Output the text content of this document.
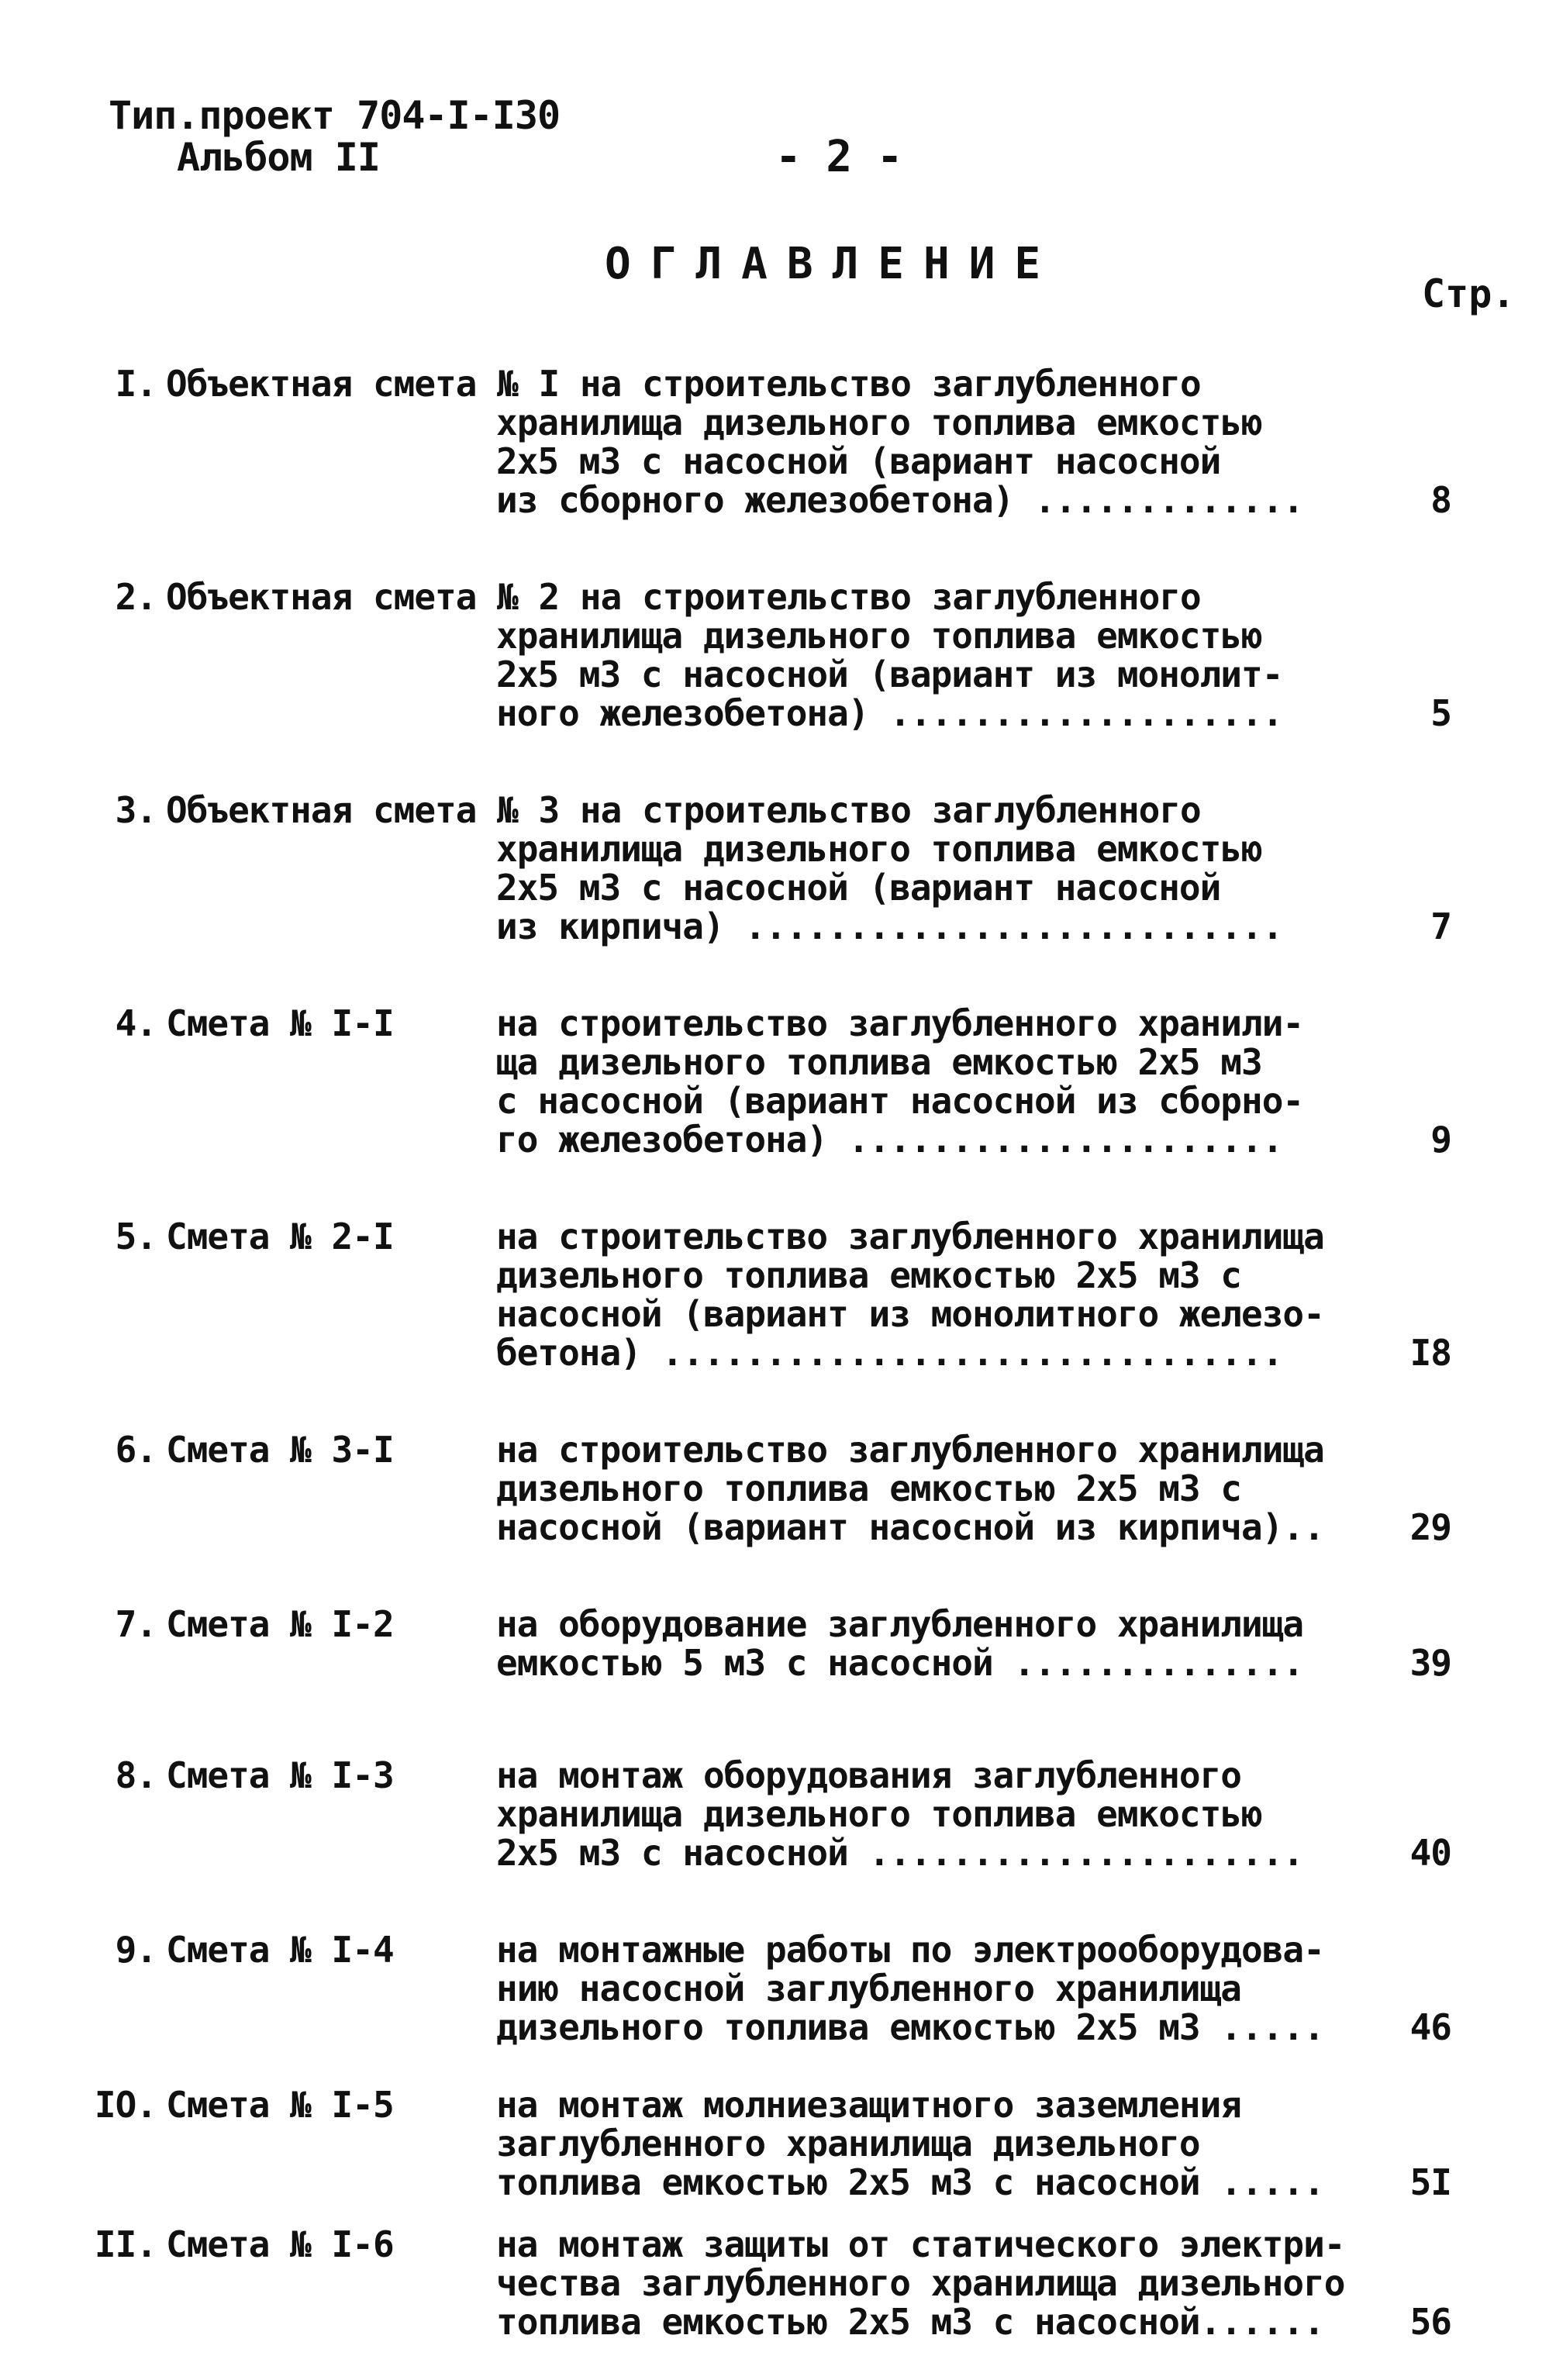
Тип.проект 704-I-I30
Альбом II	- 2 -
ОГЛАВЛЕНИЕ
Стр.
I. Объектная смета № I на строительство заглубленного
хранилища дизельного топлива емкостью
2x5 м3 с насосной (вариант насосной
из сборного железобетона) .............	8
2. Объектная смета № 2 на строительство заглубленного
хранилища дизельного топлива емкостью
2x5 м3 с насосной (вариант из монолит-
ного железобетона) ...................	5
3. Объектная смета № 3 на строительство заглубленного
хранилища дизельного топлива емкостью
2x5 м3 с насосной (вариант насосной
из кирпича) ..........................	7
4. Смета № I-I	на строительство заглубленного хранили-
ща дизельного топлива емкостью 2x5 м3
с насосной (вариант насосной из сборно-
го железобетона) .....................	9
5. Смета № 2-I	на строительство заглубленного хранилища
дизельного топлива емкостью 2x5 м3 с
насосной (вариант из монолитного железо-
бетона) ..............................	I8
6. Смета № 3-I	на строительство заглубленного хранилища
дизельного топлива емкостью 2x5 м3 с
насосной (вариант насосной из кирпича)..	29
7. Смета № I-2	на оборудование заглубленного хранилища
емкостью 5 м3 с насосной ..............	39
8. Смета № I-3	на монтаж оборудования заглубленного
хранилища дизельного топлива емкостью
2x5 м3 с насосной .....................	40
9. Смета № I-4	на монтажные работы по электрооборудова-
нию насосной заглубленного хранилища
дизельного топлива емкостью 2x5 м3 .....	46
IO. Смета № I-5	на монтаж молниезащитного заземления
заглубленного хранилища дизельного
топлива емкостью 2x5 м3 с насосной .....	5I
II. Смета № I-6	на монтаж защиты от статического электри-
чества заглубленного хранилища дизельного
топлива емкостью 2x5 м3 с насосной......	56
